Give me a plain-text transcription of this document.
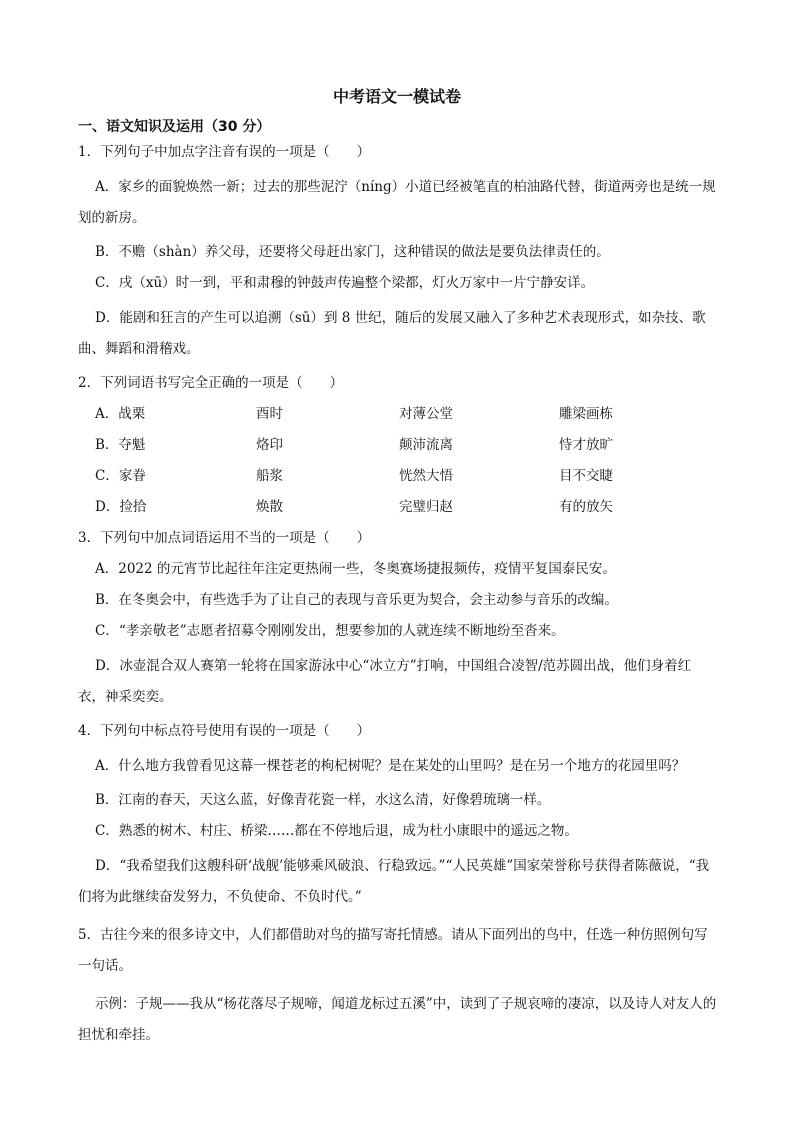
中考语文一模试卷
一、语文知识及运用（30 分）
1．下列句子中加点字注音有误的一项是（　　）
A．家乡的面貌焕然一新；过去的那些泥泞（nínɡ）小道已经被笔直的柏油路代替，街道两旁也是统一规划的新房。
B．不赡（shàn）养父母，还要将父母赶出家门，这种错误的做法是要负法律责任的。
C．戌（xū）时一到，平和肃穆的钟鼓声传遍整个梁都，灯火万家中一片宁静安详。
D．能剧和狂言的产生可以追溯（sū）到 8 世纪，随后的发展又融入了多种艺术表现形式，如杂技、歌曲、舞蹈和滑稽戏。
2．下列词语书写完全正确的一项是（　　）
A．战栗	酉时	对薄公堂	雕梁画栋
B．夺魁	烙印	颠沛流离	恃才放旷
C．家眷	船浆	恍然大悟	目不交睫
D．捡拾	焕散	完璧归赵	有的放矢
3．下列句中加点词语运用不当的一项是（　　）
A．2022 的元宵节比起往年注定更热闹一些，冬奥赛场捷报频传，疫情平复国泰民安。
B．在冬奥会中，有些选手为了让自己的表现与音乐更为契合，会主动参与音乐的改编。
C．“孝亲敬老”志愿者招募令刚刚发出，想要参加的人就连续不断地纷至沓来。
D．冰壶混合双人赛第一轮将在国家游泳中心“冰立方”打响，中国组合凌智/范苏圆出战，他们身着红衣，神采奕奕。
4．下列句中标点符号使用有误的一项是（　　）
A．什么地方我曾看见这幕一棵苍老的枸杞树呢？是在某处的山里吗？是在另一个地方的花园里吗？
B．江南的春天，天这么蓝，好像青花瓷一样，水这么清，好像碧琉璃一样。
C．熟悉的树木、村庄、桥梁……都在不停地后退，成为杜小康眼中的遥远之物。
D．“我希望我们这艘科研‘战舰’能够乘风破浪、行稳致远。”“人民英雄”国家荣誉称号获得者陈薇说，“我们将为此继续奋发努力，不负使命、不负时代。”
5．古往今来的很多诗文中，人们都借助对鸟的描写寄托情感。请从下面列出的鸟中，任选一种仿照例句写 一句话。
示例：子规——我从“杨花落尽子规啼，闻道龙标过五溪”中，读到了子规哀啼的凄凉，以及诗人对友人的 担忧和牵挂。
